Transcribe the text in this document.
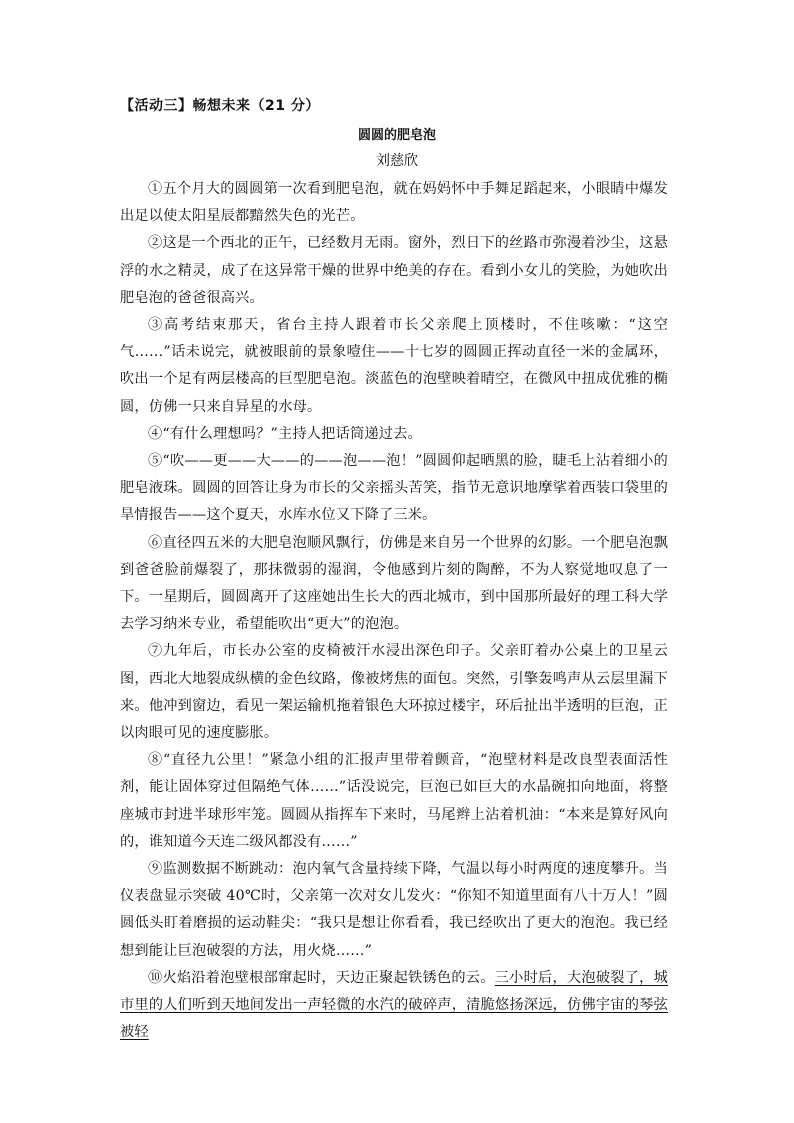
【活动三】畅想未来（21 分）
圆圆的肥皂泡
刘慈欣

①五个月大的圆圆第一次看到肥皂泡，就在妈妈怀中手舞足蹈起来，小眼睛中爆发出足以使太阳星辰都黯然失色的光芒。

②这是一个西北的正午，已经数月无雨。窗外，烈日下的丝路市弥漫着沙尘，这悬浮的水之精灵，成了在这异常干燥的世界中绝美的存在。看到小女儿的笑脸，为她吹出肥皂泡的爸爸很高兴。

③高考结束那天，省台主持人跟着市长父亲爬上顶楼时，不住咳嗽：“这空气……”话未说完，就被眼前的景象噎住——十七岁的圆圆正挥动直径一米的金属环，吹出一个足有两层楼高的巨型肥皂泡。淡蓝色的泡壁映着晴空，在微风中扭成优雅的椭圆，仿佛一只来自异星的水母。

④“有什么理想吗？”主持人把话筒递过去。

⑤“吹——更——大——的——泡——泡！”圆圆仰起晒黑的脸，睫毛上沾着细小的肥皂液珠。圆圆的回答让身为市长的父亲摇头苦笑，指节无意识地摩挲着西装口袋里的旱情报告——这个夏天，水库水位又下降了三米。

⑥直径四五米的大肥皂泡顺风飘行，仿佛是来自另一个世界的幻影。一个肥皂泡飘到爸爸脸前爆裂了，那抹微弱的湿润，令他感到片刻的陶醉，不为人察觉地叹息了一下。一星期后，圆圆离开了这座她出生长大的西北城市，到中国那所最好的理工科大学去学习纳米专业，希望能吹出“更大”的泡泡。

⑦九年后，市长办公室的皮椅被汗水浸出深色印子。父亲盯着办公桌上的卫星云图，西北大地裂成纵横的金色纹路，像被烤焦的面包。突然，引擎轰鸣声从云层里漏下来。他冲到窗边，看见一架运输机拖着银色大环掠过楼宇，环后扯出半透明的巨泡，正以肉眼可见的速度膨胀。

⑧“直径九公里！”紧急小组的汇报声里带着颤音，“泡壁材料是改良型表面活性剂，能让固体穿过但隔绝气体……”话没说完，巨泡已如巨大的水晶碗扣向地面，将整座城市封进半球形牢笼。圆圆从指挥车下来时，马尾辫上沾着机油：“本来是算好风向的，谁知道今天连二级风都没有……”

⑨监测数据不断跳动：泡内氧气含量持续下降，气温以每小时两度的速度攀升。当仪表盘显示突破 40℃时，父亲第一次对女儿发火：“你知不知道里面有八十万人！”圆圆低头盯着磨损的运动鞋尖：“我只是想让你看看，我已经吹出了更大的泡泡。我已经想到能让巨泡破裂的方法，用火烧……”

⑩火焰沿着泡壁根部窜起时，天边正聚起铁锈色的云。三小时后，大泡破裂了，城市里的人们听到天地间发出一声轻微的水汽的破碎声，清脆悠扬深远，仿佛宇宙的琴弦被轻
